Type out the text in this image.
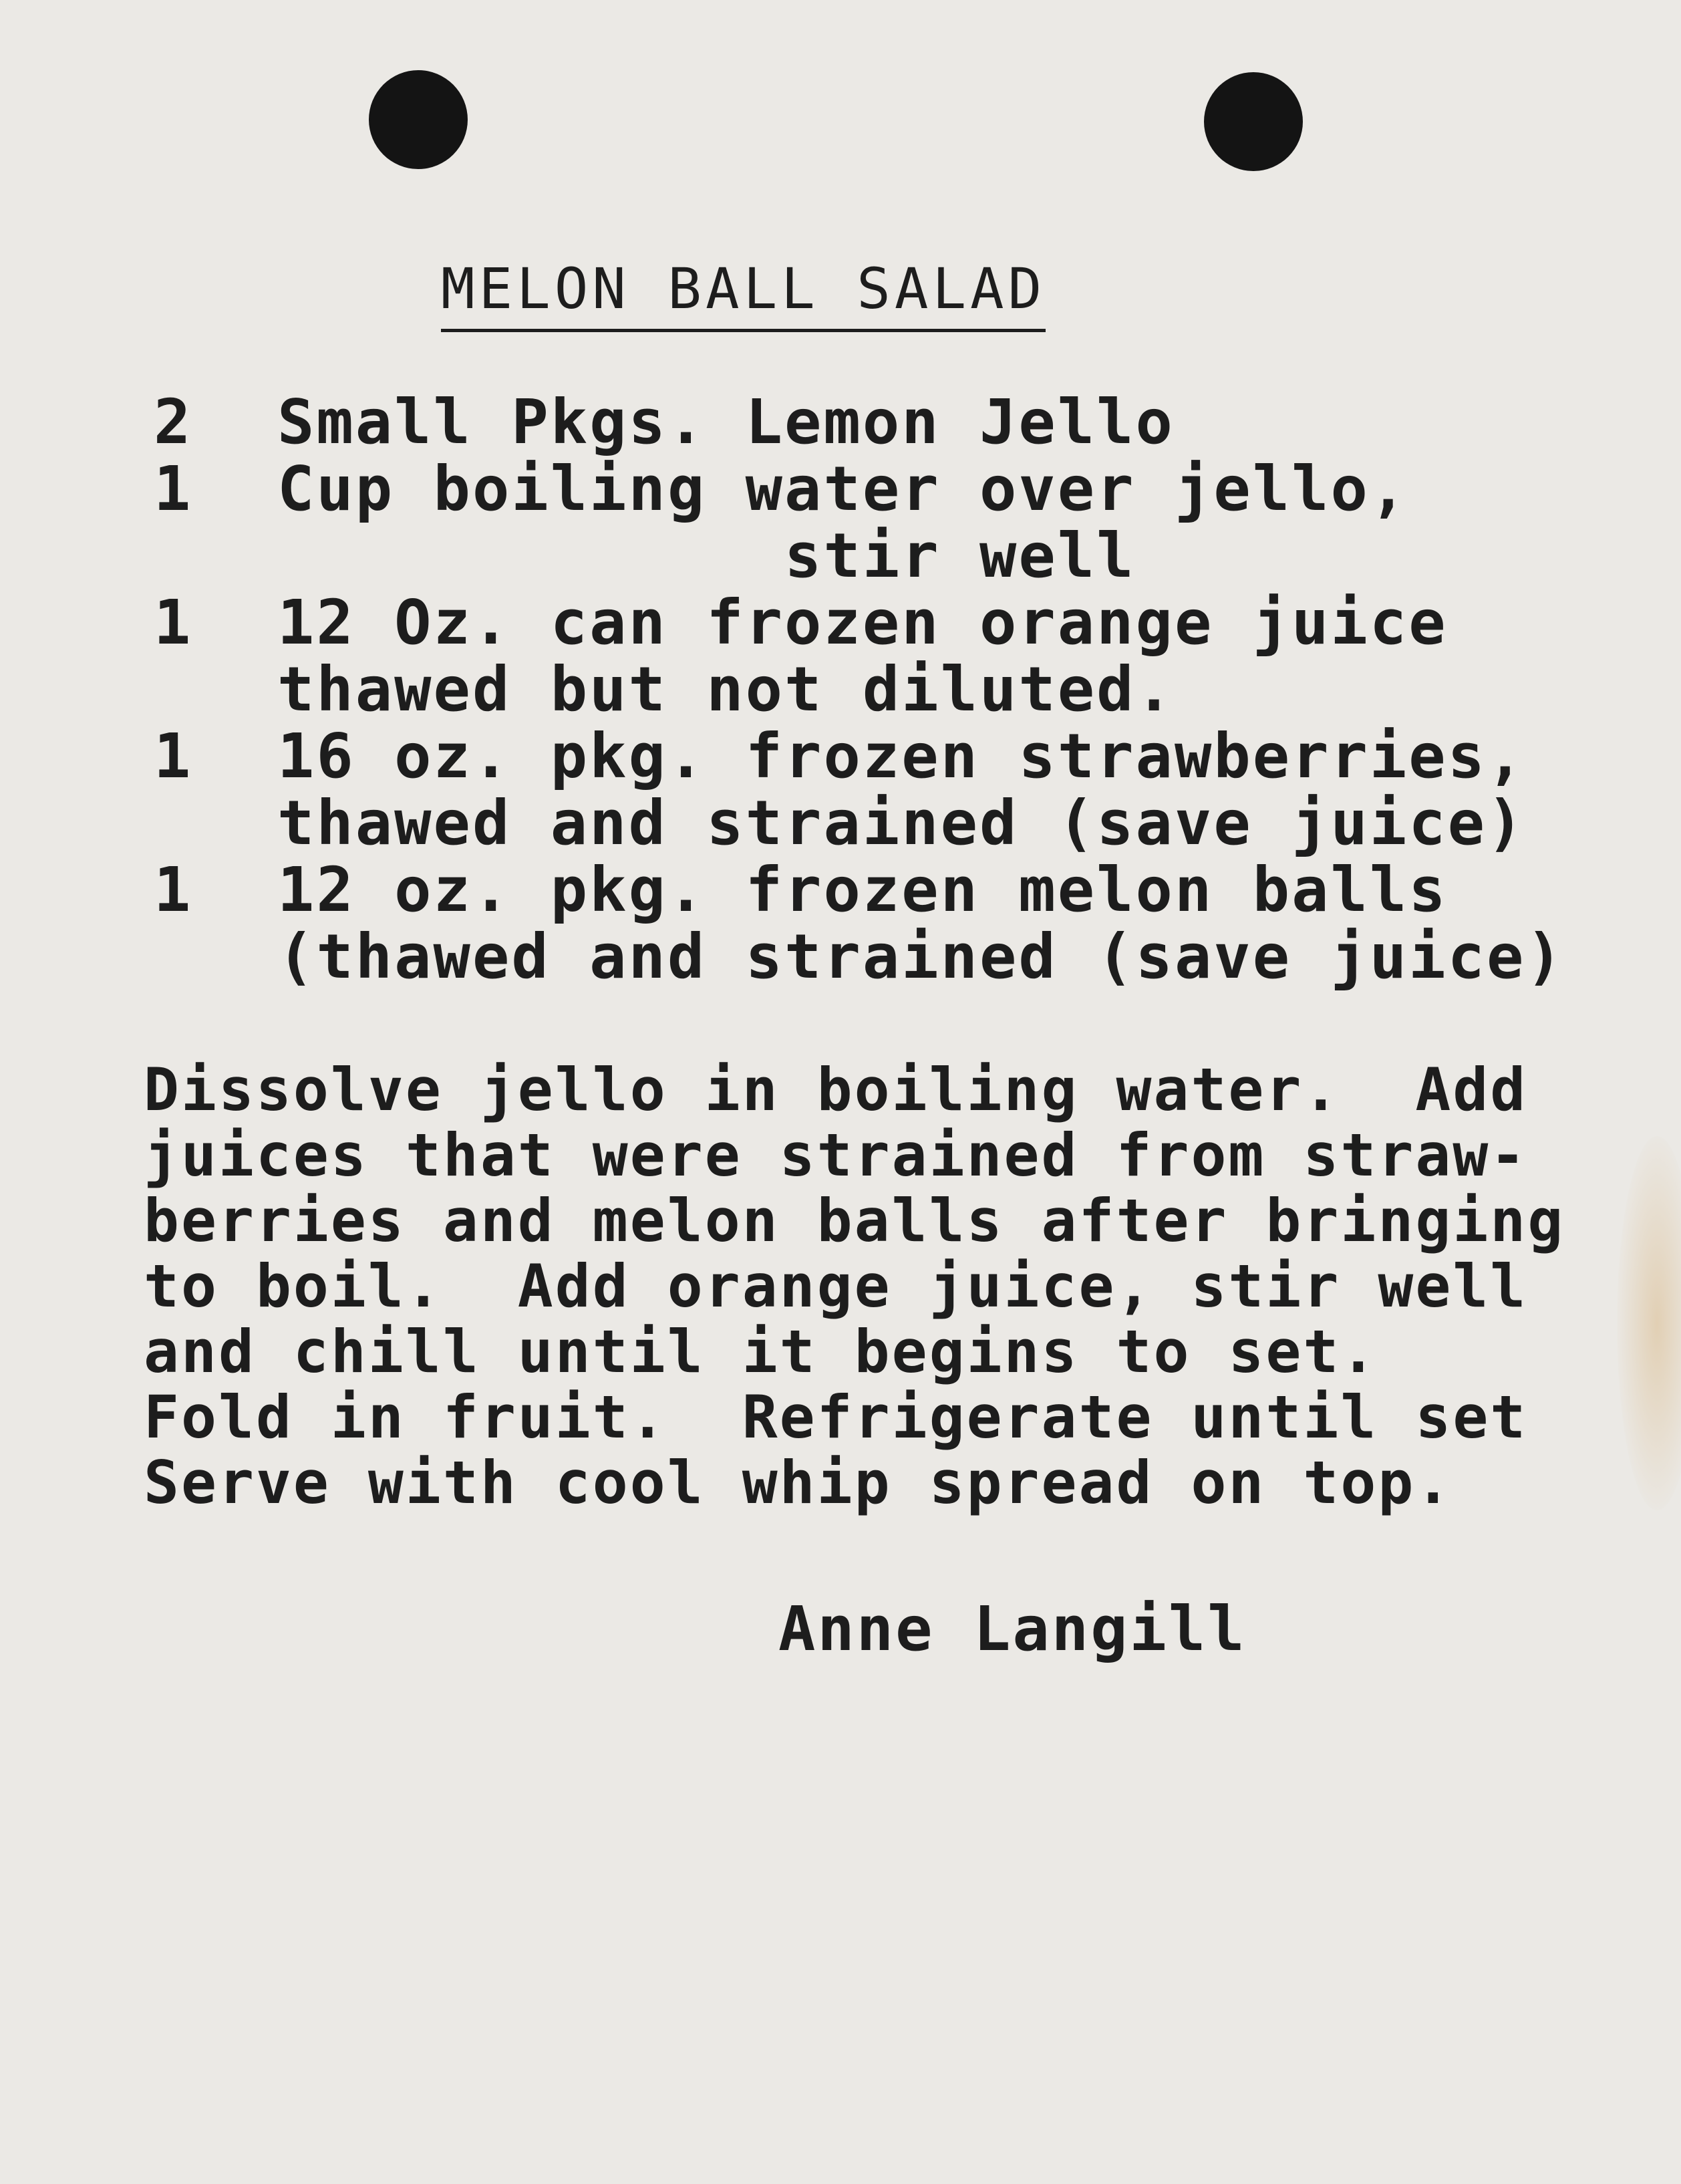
MELON BALL SALAD
2 Small Pkgs. Lemon Jello
1 Cup boiling water over jello,
stir well
1 12 Oz. can frozen orange juice
thawed but not diluted.
1 16 oz. pkg. frozen strawberries,
thawed and strained (save juice)
1 12 oz. pkg. frozen melon balls
(thawed and strained (save juice)
Dissolve jello in boiling water.  Add
juices that were strained from straw-
berries and melon balls after bringing
to boil.  Add orange juice, stir well
and chill until it begins to set.
Fold in fruit.  Refrigerate until set
Serve with cool whip spread on top.
Anne Langill
